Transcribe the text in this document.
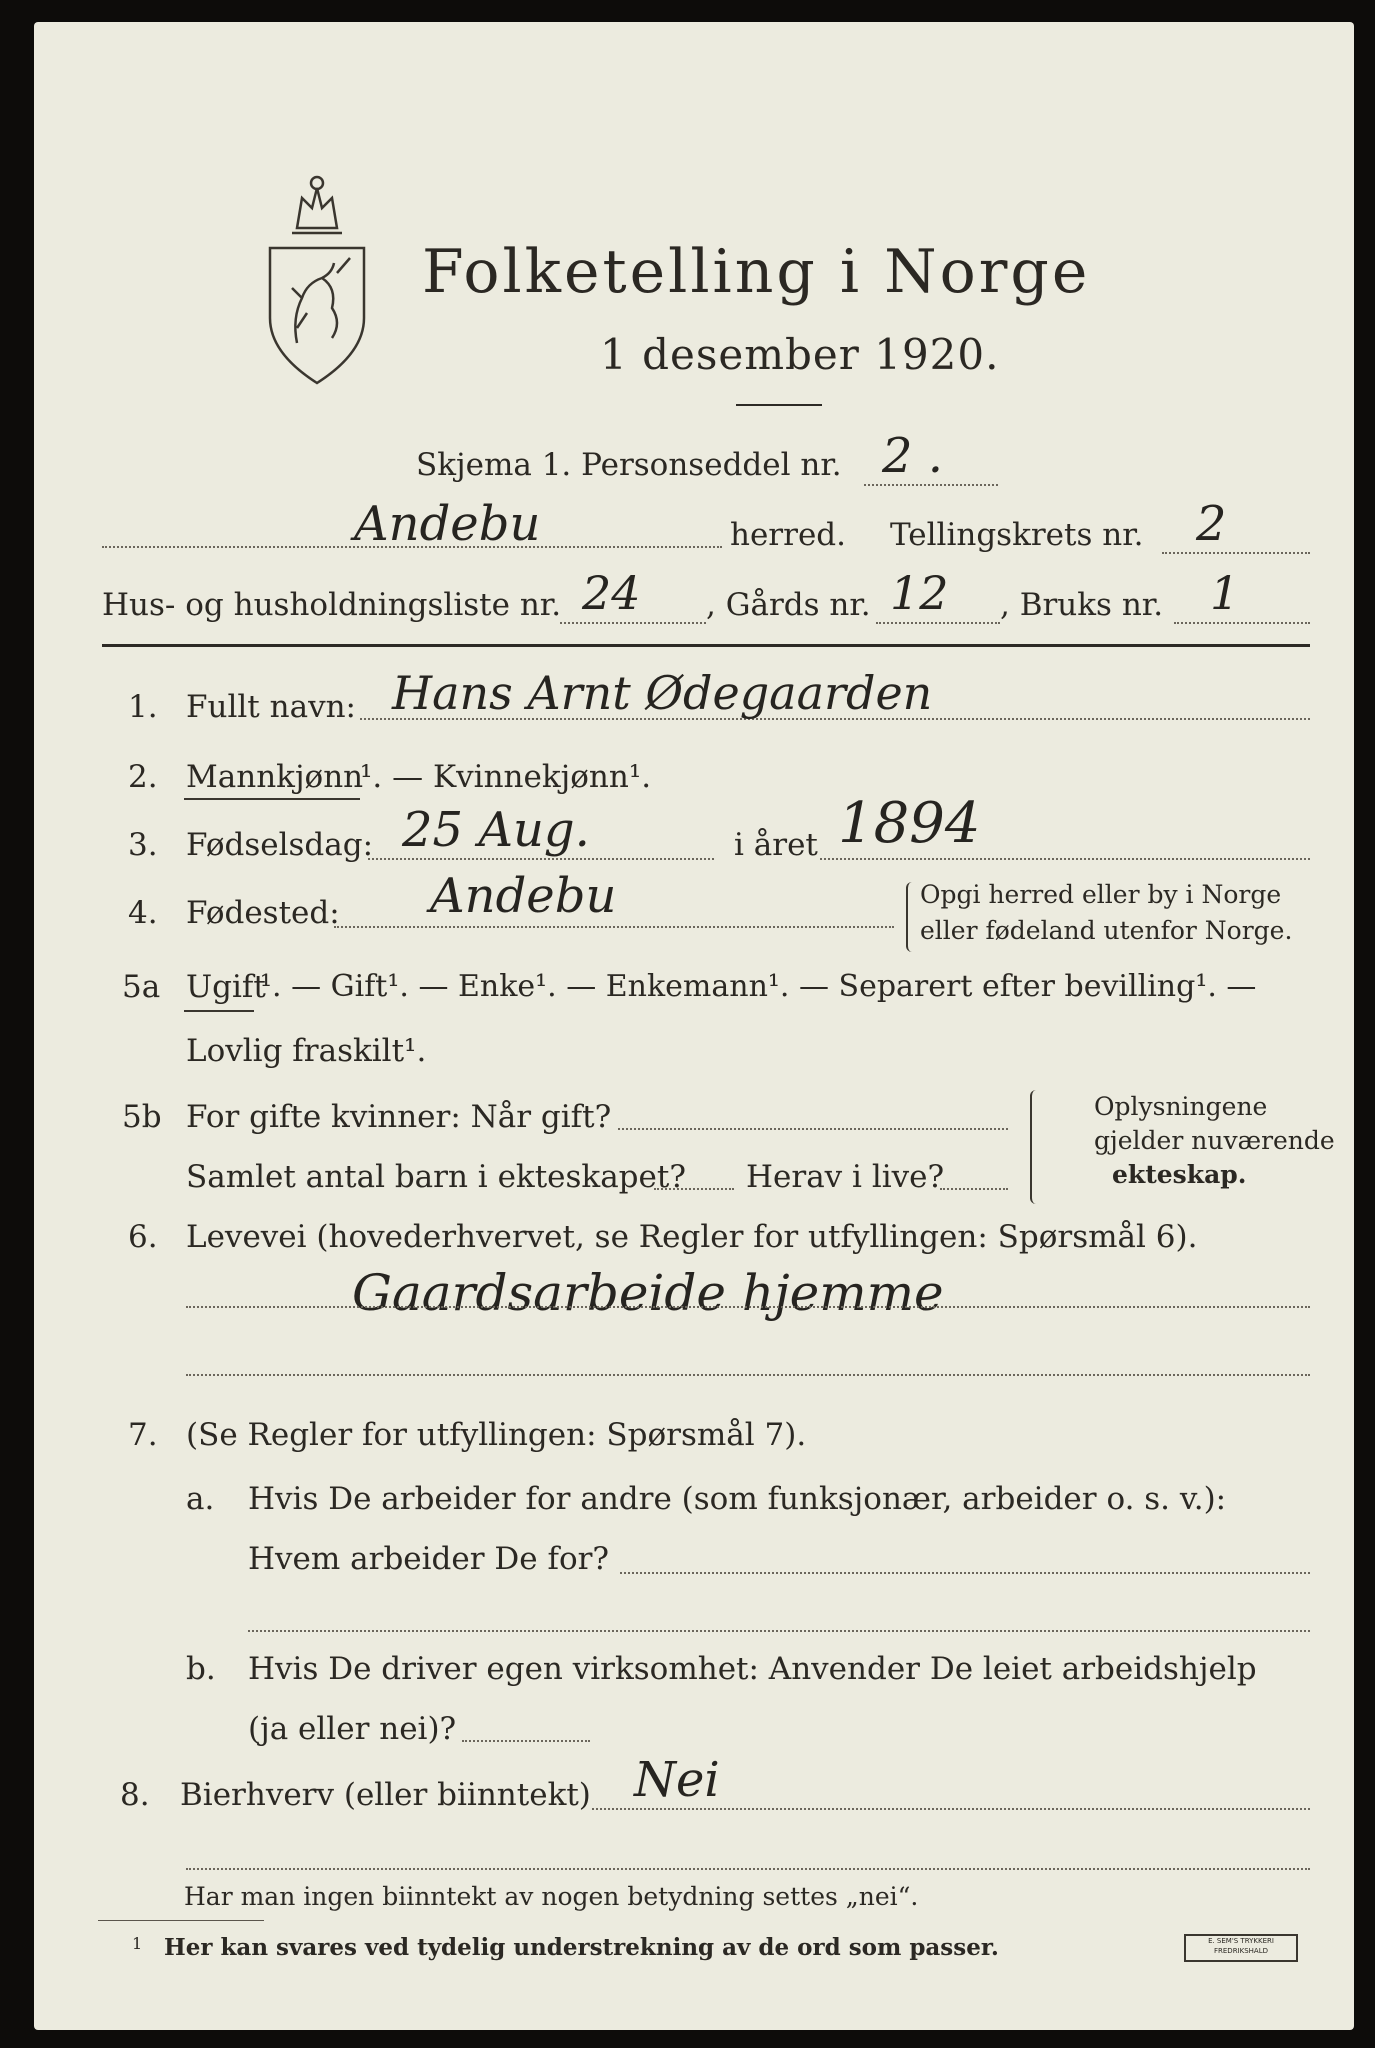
Folketelling i Norge
1 desember 1920.
Skjema 1. Personseddel nr. 2 .
Andebu	herred. Tellingskrets nr. 2
Hus- og husholdningsliste nr. 24 , Gårds nr. 12 , Bruks nr. 1
1. Fullt navn: Hans Arnt Ødegaarden
2. Mannkjønn
¹. — Kvinnekjønn¹.
3. Fødselsdag: 25 Aug.	i året 1894
4. Fødested: Andebu	Opgi herred eller by i Norge
eller fødeland utenfor Norge.
5a Ugift
¹. — Gift¹. — Enke¹. — Enkemann¹. — Separert efter bevilling¹. —
Lovlig fraskilt¹.
5b For gifte kvinner: Når gift?
Samlet antal barn i ekteskapet? Herav i live?
Oplysningene
gjelder nuværende
ekteskap.
6. Levevei (hovederhvervet, se Regler for utfyllingen: Spørsmål 6).
Gaardsarbeide hjemme
7. (Se Regler for utfyllingen: Spørsmål 7).
a. Hvis De arbeider for andre (som funksjonær, arbeider o. s. v.):
Hvem arbeider De for?
b. Hvis De driver egen virksomhet: Anvender De leiet arbeidshjelp
(ja eller nei)?
8. Bierhverv (eller biinntekt) Nei
Har man ingen biinntekt av nogen betydning settes „nei“.
1 Her kan svares ved tydelig understrekning av de ord som passer.	E. SEM'S TRYKKERI FREDRIKSHALD
